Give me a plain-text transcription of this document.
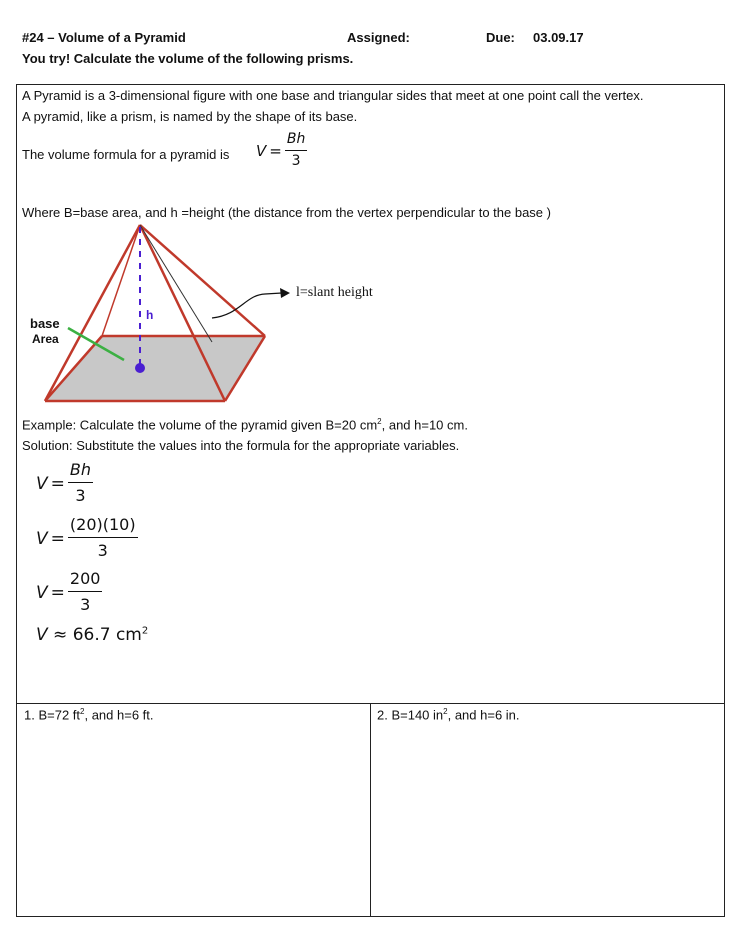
#24 – Volume of a Pyramid	Assigned:	Due: 03.09.17
You try! Calculate the volume of the following prisms.
A Pyramid is a 3-dimensional figure with one base and triangular sides that meet at one point call the vertex.
A pyramid, like a prism, is named by the shape of its base.
The volume formula for a pyramid is $V = \frac{Bh}{3}$
Where B=base area, and h =height (the distance from the vertex perpendicular to the base )
h
l=slant height
base
Area
Example: Calculate the volume of the pyramid given B=20 $cm^2$, and h=10 cm.
Solution: Substitute the values into the formula for the appropriate variables.
$V = \frac{Bh}{3}$
$V = \frac{(20)(10)}{3}$
$V = \frac{200}{3}$
V ≈ 66.7 $cm^2$
1. B=72 $ft^2$, and h=6 ft.	2. B=140 $in^2$, and h=6 in.
